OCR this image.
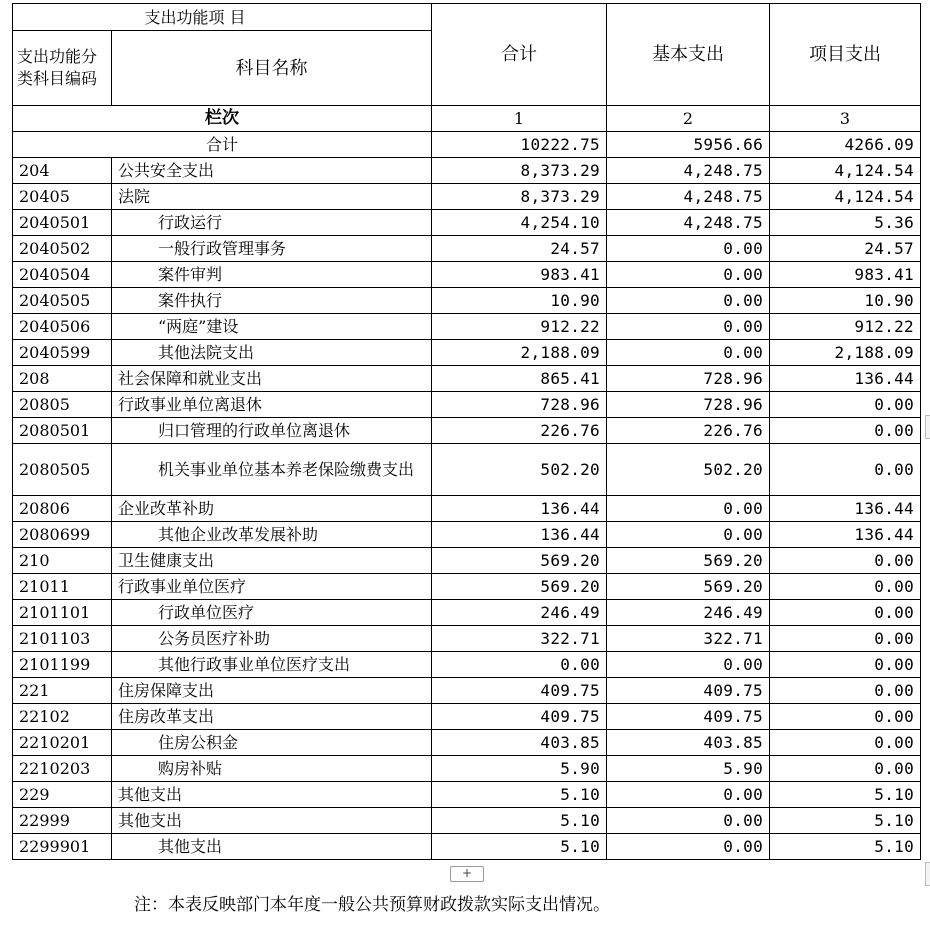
支出功能项 目		合计	基本支出	项目支出
支出功能分类科目编码	科目名称			
栏次		1	2	3
合计		10222.75	5956.66	4266.09
204	公共安全支出	8,373.29	4,248.75	4,124.54
20405	法院	8,373.29	4,248.75	4,124.54
2040501	行政运行	4,254.10	4,248.75	5.36
2040502	一般行政管理事务	24.57	0.00	24.57
2040504	案件审判	983.41	0.00	983.41
2040505	案件执行	10.90	0.00	10.90
2040506	“两庭”建设	912.22	0.00	912.22
2040599	其他法院支出	2,188.09	0.00	2,188.09
208	社会保障和就业支出	865.41	728.96	136.44
20805	行政事业单位离退休	728.96	728.96	0.00
2080501	归口管理的行政单位离退休	226.76	226.76	0.00
2080505	机关事业单位基本养老保险缴费支出	502.20	502.20	0.00
20806	企业改革补助	136.44	0.00	136.44
2080699	其他企业改革发展补助	136.44	0.00	136.44
210	卫生健康支出	569.20	569.20	0.00
21011	行政事业单位医疗	569.20	569.20	0.00
2101101	行政单位医疗	246.49	246.49	0.00
2101103	公务员医疗补助	322.71	322.71	0.00
2101199	其他行政事业单位医疗支出	0.00	0.00	0.00
221	住房保障支出	409.75	409.75	0.00
22102	住房改革支出	409.75	409.75	0.00
2210201	住房公积金	403.85	403.85	0.00
2210203	购房补贴	5.90	5.90	0.00
229	其他支出	5.10	0.00	5.10
22999	其他支出	5.10	0.00	5.10
2299901	其他支出	5.10	0.00	5.10
+
注：本表反映部门本年度一般公共预算财政拨款实际支出情况。
